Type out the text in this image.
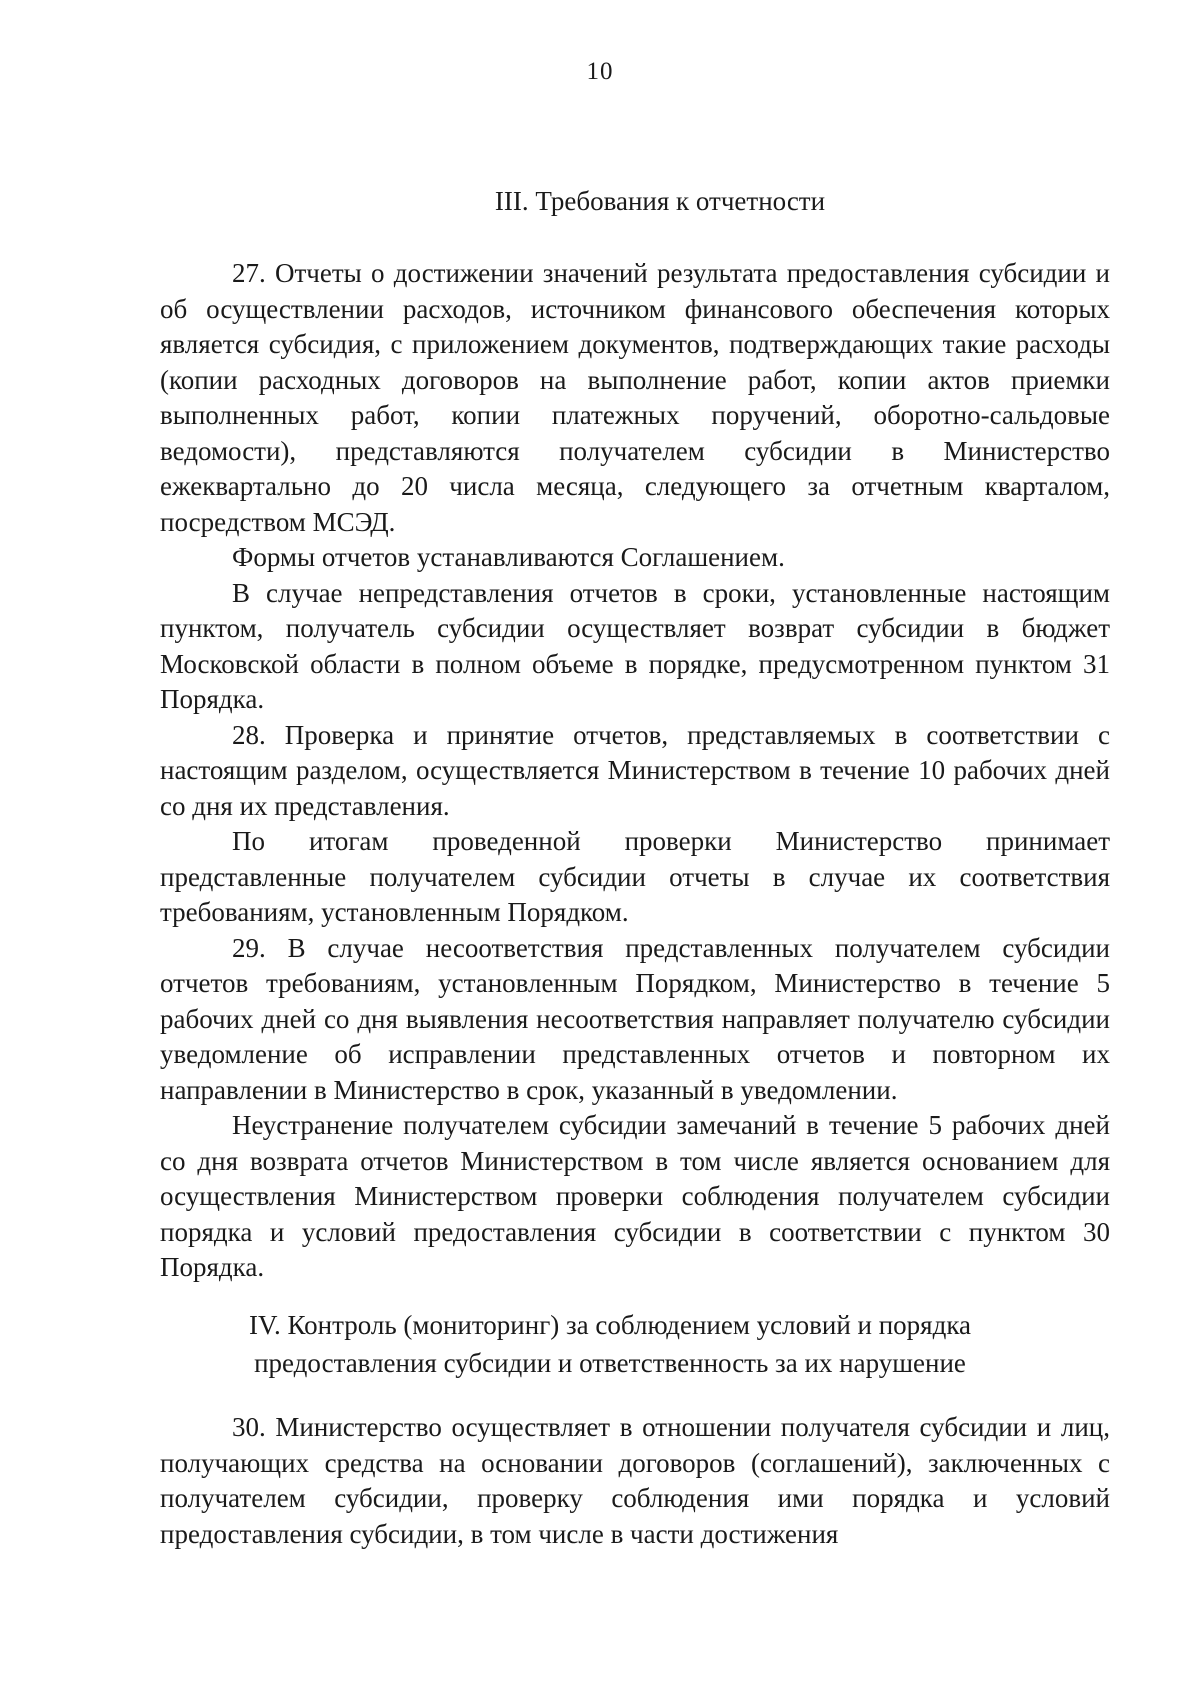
10
III. Требования к отчетности

27. Отчеты о достижении значений результата предоставления субсидии и об осуществлении расходов, источником финансового обеспечения которых является субсидия, с приложением документов, подтверждающих такие расходы (копии расходных договоров на выполнение работ, копии актов приемки выполненных работ, копии платежных поручений, оборотно-сальдовые ведомости), представляются получателем субсидии в Министерство ежеквартально до 20 числа месяца, следующего за отчетным кварталом, посредством МСЭД.

Формы отчетов устанавливаются Соглашением.

В случае непредставления отчетов в сроки, установленные настоящим пунктом, получатель субсидии осуществляет возврат субсидии в бюджет Московской области в полном объеме в порядке, предусмотренном пунктом 31 Порядка.

28. Проверка и принятие отчетов, представляемых в соответствии с настоящим разделом, осуществляется Министерством в течение 10 рабочих дней со дня их представления.

По итогам проведенной проверки Министерство принимает представленные получателем субсидии отчеты в случае их соответствия требованиям, установленным Порядком.

29. В случае несоответствия представленных получателем субсидии отчетов требованиям, установленным Порядком, Министерство в течение 5 рабочих дней со дня выявления несоответствия направляет получателю субсидии уведомление об исправлении представленных отчетов и повторном их направлении в Министерство в срок, указанный в уведомлении.

Неустранение получателем субсидии замечаний в течение 5 рабочих дней со дня возврата отчетов Министерством в том числе является основанием для осуществления Министерством проверки соблюдения получателем субсидии порядка и условий предоставления субсидии в соответствии с пунктом 30 Порядка.

IV. Контроль (мониторинг) за соблюдением условий и порядка
предоставления субсидии и ответственность за их нарушение

30. Министерство осуществляет в отношении получателя субсидии и лиц, получающих средства на основании договоров (соглашений), заключенных с получателем субсидии, проверку соблюдения ими порядка и условий предоставления субсидии, в том числе в части достижения
